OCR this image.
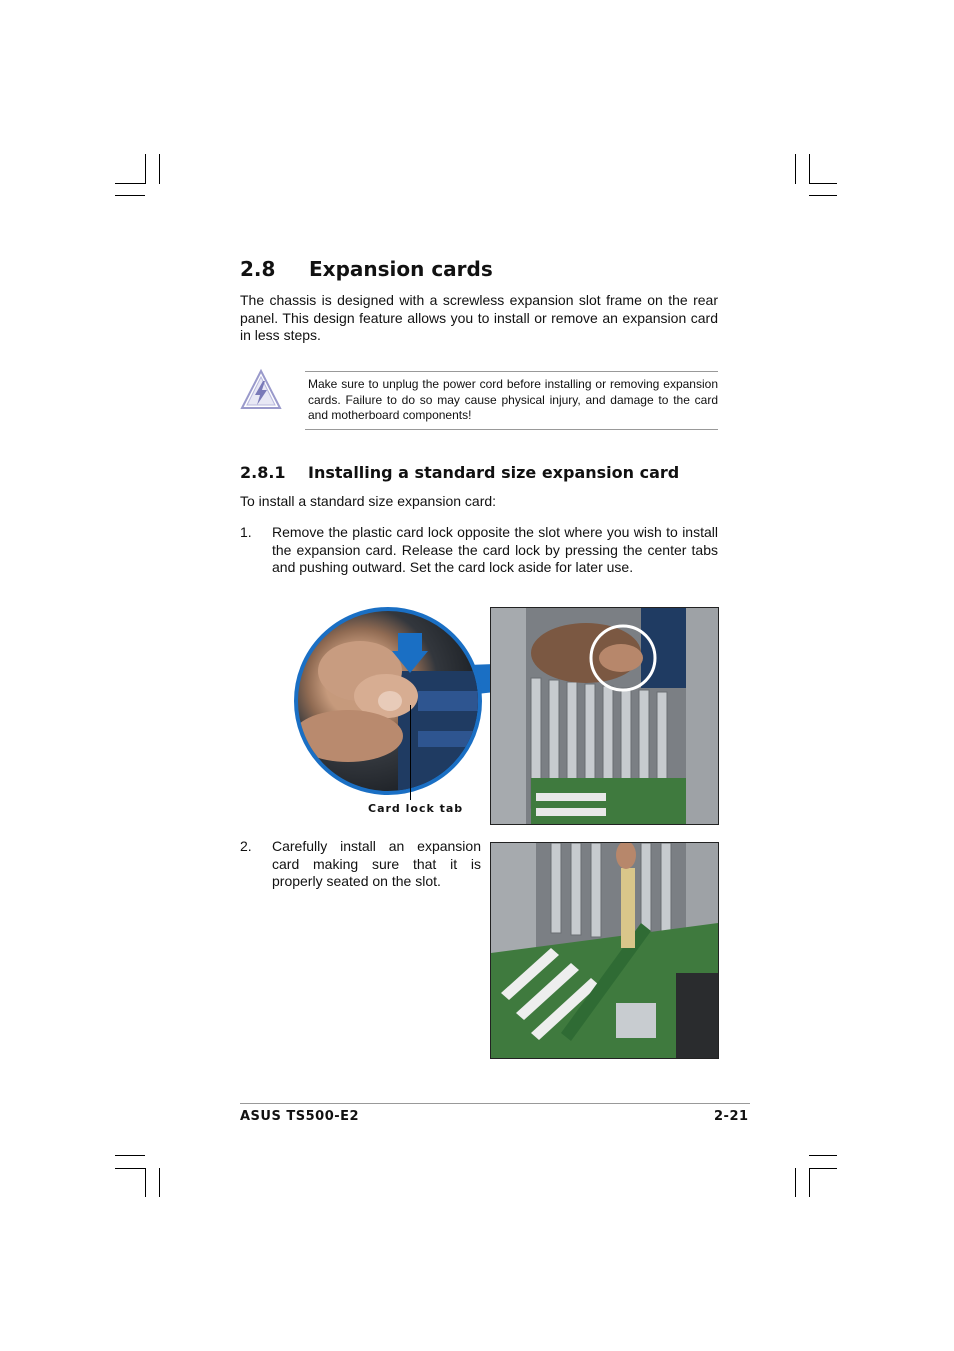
2.8 Expansion cards

The chassis is designed with a screwless expansion slot frame on the rear panel. This design feature allows you to install or remove an expansion card in less steps.

Make sure to unplug the power cord before installing or removing expansion cards. Failure to do so may cause physical injury, and damage to the card and motherboard components!

2.8.1 Installing a standard size expansion card

To install a standard size expansion card:

1. Remove the plastic card lock opposite the slot where you wish to install the expansion card. Release the card lock by pressing the center tabs and pushing outward. Set the card lock aside for later use.

Card lock tab
2. Carefully install an expansion card making sure that it is properly seated on the slot.

ASUS TS500-E2	2-21
